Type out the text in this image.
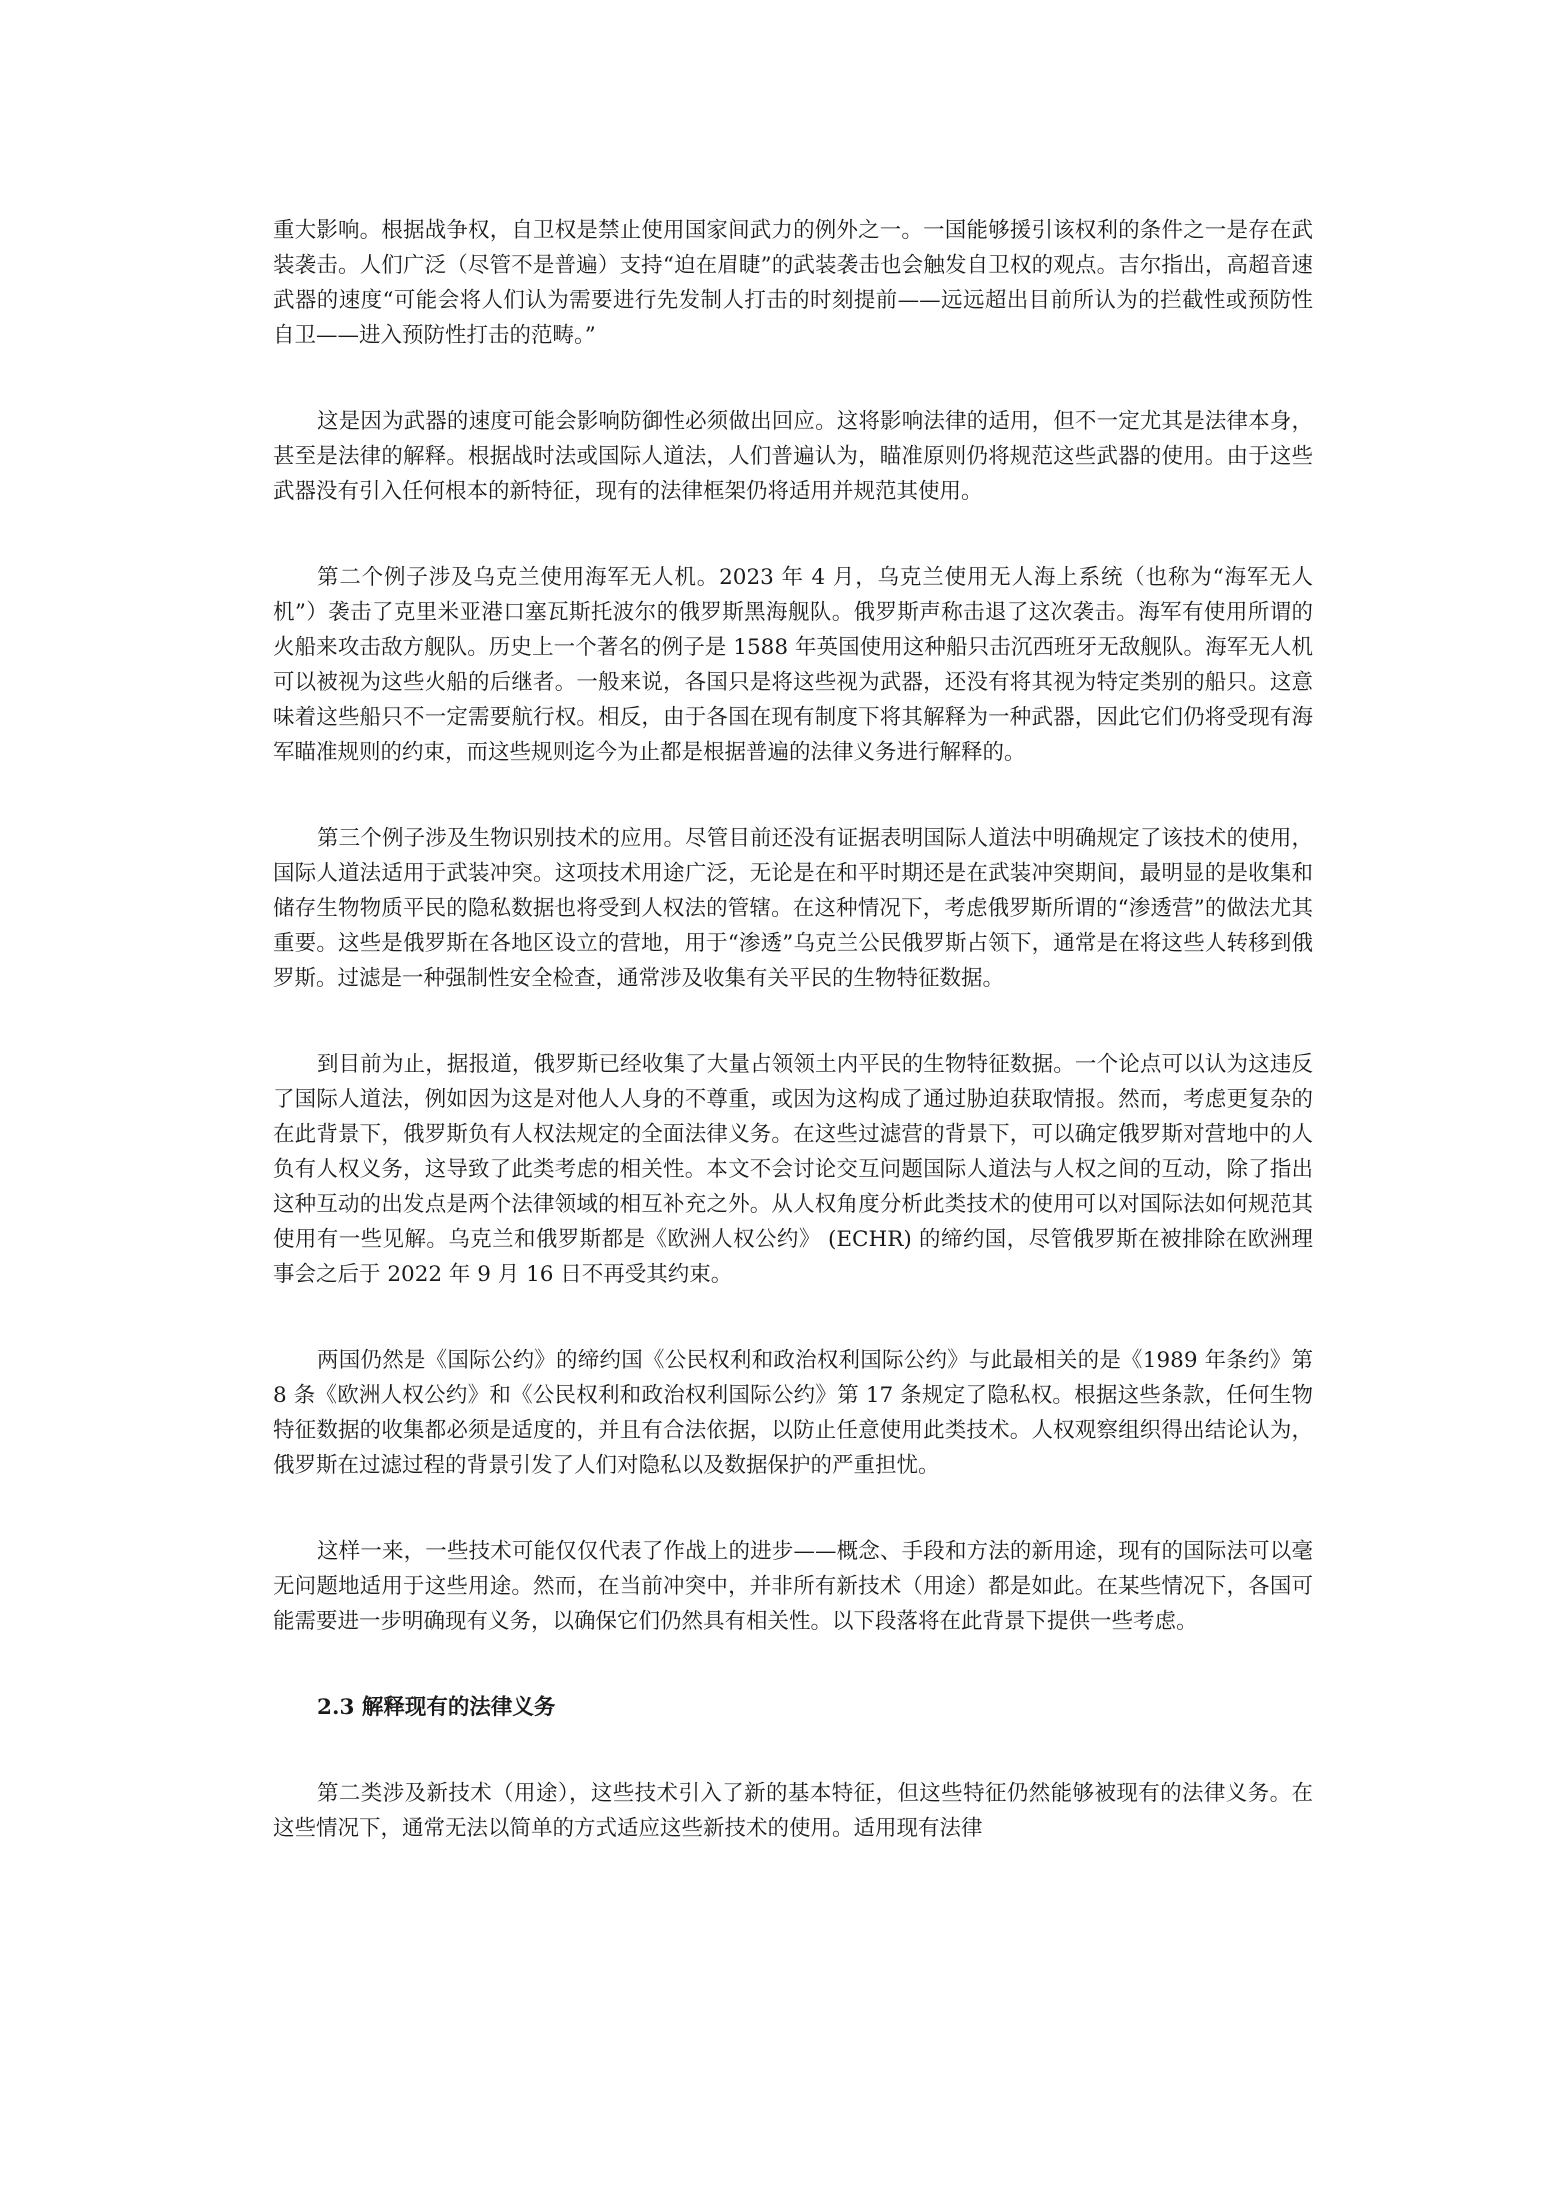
重大影响。根据战争权，自卫权是禁止使用国家间武力的例外之一。一国能够援引该权利的条件之一是存在武装袭击。人们广泛（尽管不是普遍）支持“迫在眉睫”的武装袭击也会触发自卫权的观点。吉尔指出，高超音速武器的速度“可能会将人们认为需要进行先发制人打击的时刻提前——远远超出目前所认为的拦截性或预防性自卫——进入预防性打击的范畴。”

这是因为武器的速度可能会影响防御性必须做出回应。这将影响法律的适用，但不一定尤其是法律本身，甚至是法律的解释。根据战时法或国际人道法，人们普遍认为，瞄准原则仍将规范这些武器的使用。由于这些武器没有引入任何根本的新特征，现有的法律框架仍将适用并规范其使用。

第二个例子涉及乌克兰使用海军无人机。2023 年 4 月，乌克兰使用无人海上系统（也称为“海军无人机”）袭击了克里米亚港口塞瓦斯托波尔的俄罗斯黑海舰队。俄罗斯声称击退了这次袭击。海军有使用所谓的火船来攻击敌方舰队。历史上一个著名的例子是 1588 年英国使用这种船只击沉西班牙无敌舰队。海军无人机可以被视为这些火船的后继者。一般来说，各国只是将这些视为武器，还没有将其视为特定类别的船只。这意味着这些船只不一定需要航行权。相反，由于各国在现有制度下将其解释为一种武器，因此它们仍将受现有海军瞄准规则的约束，而这些规则迄今为止都是根据普遍的法律义务进行解释的。

第三个例子涉及生物识别技术的应用。尽管目前还没有证据表明国际人道法中明确规定了该技术的使用，国际人道法适用于武装冲突。这项技术用途广泛，无论是在和平时期还是在武装冲突期间，最明显的是收集和储存生物物质平民的隐私数据也将受到人权法的管辖。在这种情况下，考虑俄罗斯所谓的“渗透营”的做法尤其重要。这些是俄罗斯在各地区设立的营地，用于“渗透”乌克兰公民俄罗斯占领下，通常是在将这些人转移到俄罗斯。过滤是一种强制性安全检查，通常涉及收集有关平民的生物特征数据。

到目前为止，据报道，俄罗斯已经收集了大量占领领土内平民的生物特征数据。一个论点可以认为这违反了国际人道法，例如因为这是对他人人身的不尊重，或因为这构成了通过胁迫获取情报。然而，考虑更复杂的在此背景下，俄罗斯负有人权法规定的全面法律义务。在这些过滤营的背景下，可以确定俄罗斯对营地中的人负有人权义务，这导致了此类考虑的相关性。本文不会讨论交互问题国际人道法与人权之间的互动，除了指出这种互动的出发点是两个法律领域的相互补充之外。从人权角度分析此类技术的使用可以对国际法如何规范其使用有一些见解。乌克兰和俄罗斯都是《欧洲人权公约》 (ECHR) 的缔约国，尽管俄罗斯在被排除在欧洲理事会之后于 2022 年 9 月 16 日不再受其约束。

两国仍然是《国际公约》的缔约国《公民权利和政治权利国际公约》与此最相关的是《1989 年条约》第 8 条《欧洲人权公约》和《公民权利和政治权利国际公约》第 17 条规定了隐私权。根据这些条款，任何生物特征数据的收集都必须是适度的，并且有合法依据，以防止任意使用此类技术。人权观察组织得出结论认为，俄罗斯在过滤过程的背景引发了人们对隐私以及数据保护的严重担忧。

这样一来，一些技术可能仅仅代表了作战上的进步——概念、手段和方法的新用途，现有的国际法可以毫无问题地适用于这些用途。然而，在当前冲突中，并非所有新技术（用途）都是如此。在某些情况下，各国可能需要进一步明确现有义务，以确保它们仍然具有相关性。以下段落将在此背景下提供一些考虑。

2.3 解释现有的法律义务

第二类涉及新技术（用途），这些技术引入了新的基本特征，但这些特征仍然能够被现有的法律义务。在这些情况下，通常无法以简单的方式适应这些新技术的使用。适用现有法律
